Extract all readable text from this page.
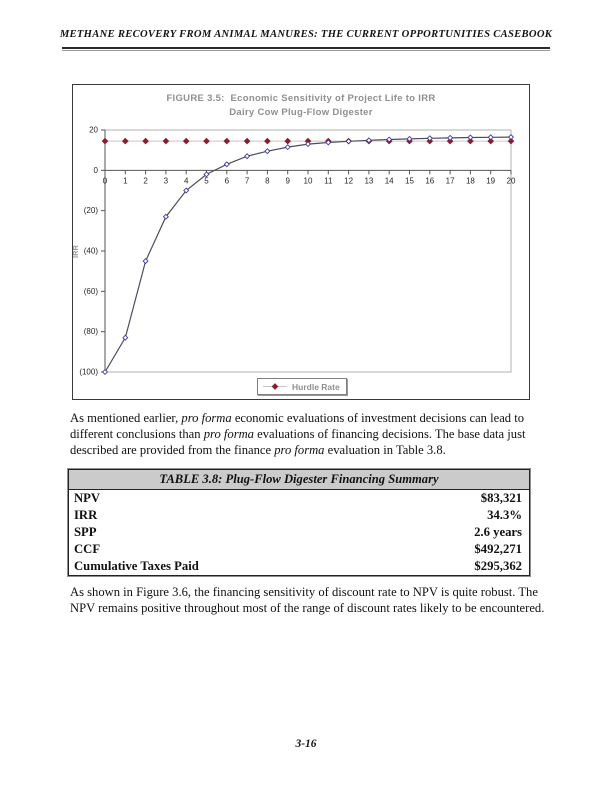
METHANE RECOVERY FROM ANIMAL MANURES: THE CURRENT OPPORTUNITIES CASEBOOK
FIGURE 3.5:  Economic Sensitivity of Project Life to IRR
Dairy Cow Plug-Flow Digester
IRR
20
0
(20)
(40)
(60)
(80)
(100)
0 1 2 3 4 5 6 7 8 9 10 11 12 13 14 15 16 17 18 19 20
Hurdle Rate
As mentioned earlier, pro forma economic evaluations of investment decisions can lead to
different conclusions than pro forma evaluations of financing decisions. The base data just
described are provided from the finance pro forma evaluation in Table 3.8.
TABLE 3.8: Plug-Flow Digester Financing Summary
NPV	$83,321
IRR	34.3%
SPP	2.6 years
CCF	$492,271
Cumulative Taxes Paid	$295,362
As shown in Figure 3.6, the financing sensitivity of discount rate to NPV is quite robust. The
NPV remains positive throughout most of the range of discount rates likely to be encountered.
3-16
